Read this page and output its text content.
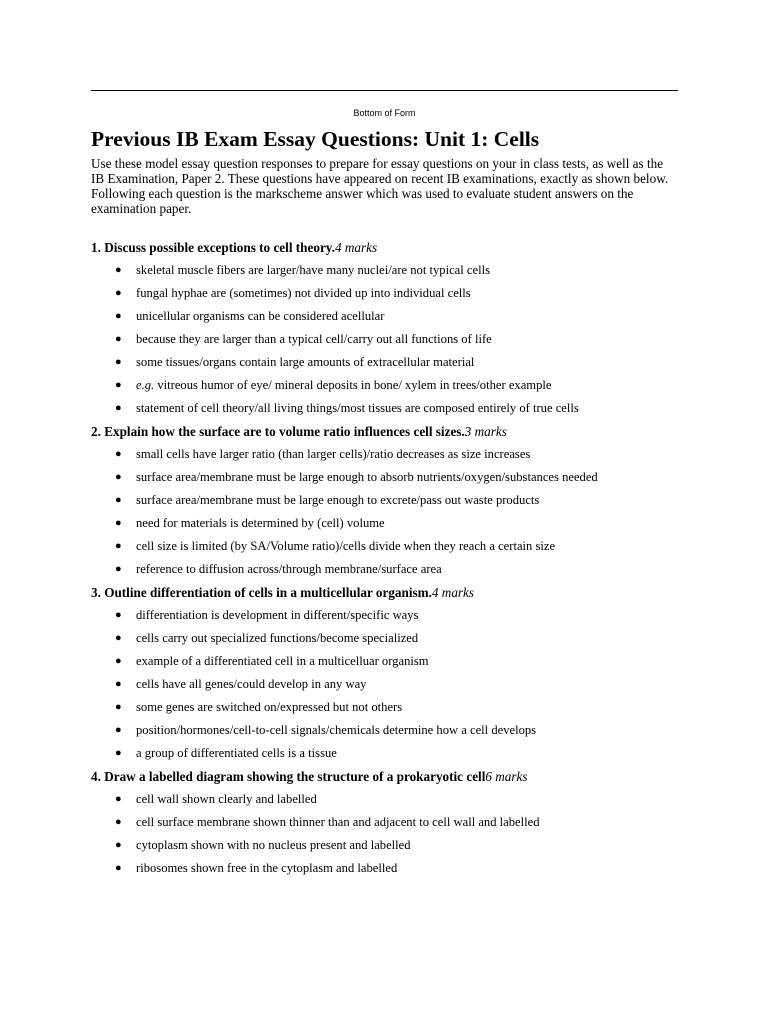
Bottom of Form
Previous IB Exam Essay Questions: Unit 1: Cells

Use these model essay question responses to prepare for essay questions on your in class tests, as well as the IB Examination, Paper 2. These questions have appeared on recent IB examinations, exactly as shown below. Following each question is the markscheme answer which was used to evaluate student answers on the examination paper.

1. Discuss possible exceptions to cell theory.4 marks
● skeletal muscle fibers are larger/have many nuclei/are not typical cells
● fungal hyphae are (sometimes) not divided up into individual cells
● unicellular organisms can be considered acellular
● because they are larger than a typical cell/carry out all functions of life
● some tissues/organs contain large amounts of extracellular material
● e.g. vitreous humor of eye/ mineral deposits in bone/ xylem in trees/other example
● statement of cell theory/all living things/most tissues are composed entirely of true cells
2. Explain how the surface are to volume ratio influences cell sizes.3 marks
● small cells have larger ratio (than larger cells)/ratio decreases as size increases
● surface area/membrane must be large enough to absorb nutrients/oxygen/substances needed
● surface area/membrane must be large enough to excrete/pass out waste products
● need for materials is determined by (cell) volume
● cell size is limited (by SA/Volume ratio)/cells divide when they reach a certain size
● reference to diffusion across/through membrane/surface area
3. Outline differentiation of cells in a multicellular organism.4 marks
● differentiation is development in different/specific ways
● cells carry out specialized functions/become specialized
● example of a differentiated cell in a multicelluar organism
● cells have all genes/could develop in any way
● some genes are switched on/expressed but not others
● position/hormones/cell-to-cell signals/chemicals determine how a cell develops
● a group of differentiated cells is a tissue
4. Draw a labelled diagram showing the structure of a prokaryotic cell6 marks
● cell wall shown clearly and labelled
● cell surface membrane shown thinner than and adjacent to cell wall and labelled
● cytoplasm shown with no nucleus present and labelled
● ribosomes shown free in the cytoplasm and labelled
